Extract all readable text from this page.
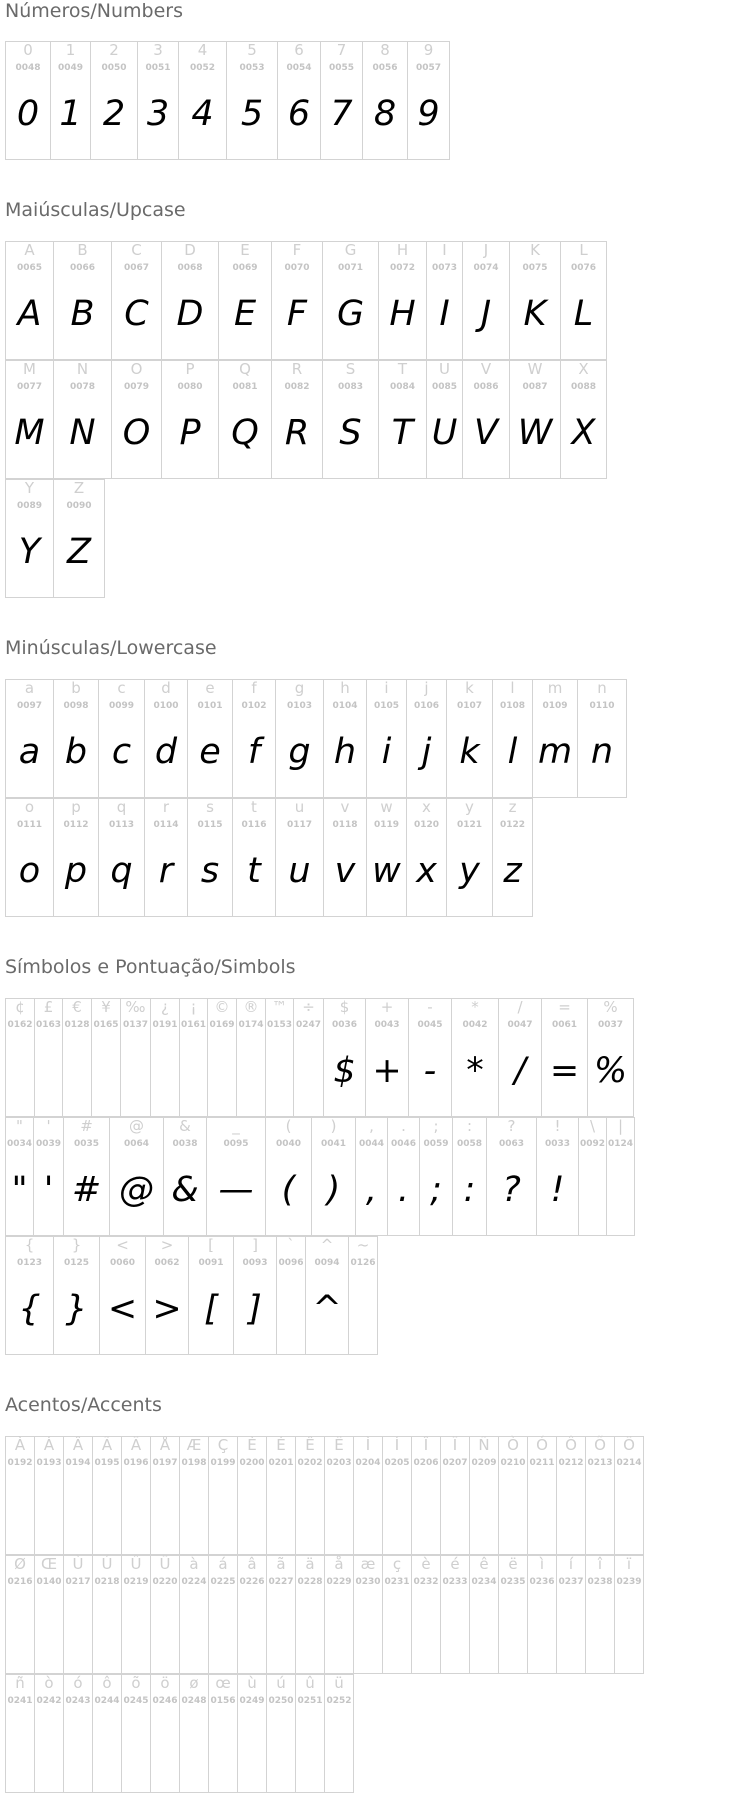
Números/Numbers
Maiúsculas/Upcase
Minúsculas/Lowercase
Símbolos e Pontuação/Simbols
Acentos/Accents
0
0048
0
1
0049
1
2
0050
2
3
0051
3
4
0052
4
5
0053
5
6
0054
6
7
0055
7
8
0056
8
9
0057
9
A
0065
A
B
0066
B
C
0067
C
D
0068
D
E
0069
E
F
0070
F
G
0071
G
H
0072
H
I
0073
I
J
0074
J
K
0075
K
L
0076
L
M
0077
M
N
0078
N
O
0079
O
P
0080
P
Q
0081
Q
R
0082
R
S
0083
S
T
0084
T
U
0085
U
V
0086
V
W
0087
W
X
0088
X
Y
0089
Y
Z
0090
Z
a
0097
a
b
0098
b
c
0099
c
d
0100
d
e
0101
e
f
0102
f
g
0103
g
h
0104
h
i
0105
i
j
0106
j
k
0107
k
l
0108
l
m
0109
m
n
0110
n
o
0111
o
p
0112
p
q
0113
q
r
0114
r
s
0115
s
t
0116
t
u
0117
u
v
0118
v
w
0119
w
x
0120
x
y
0121
y
z
0122
z
¢
0162
£
0163
€
0128
¥
0165
‰
0137
¿
0191
¡
0161
©
0169
®
0174
™
0153
÷
0247
$
0036
$
+
0043
+
-
0045
-
*
0042
*
/
0047
/
=
0061
=
%
0037
%
"
0034
"
'
0039
'
#
0035
#
@
0064
@
&
0038
&
_
0095
—
(
0040
(
)
0041
)
,
0044
,
.
0046
.
;
0059
;
:
0058
:
?
0063
?
!
0033
!
\
0092
|
0124
{
0123
{
}
0125
}
<
0060
<
>
0062
>
[
0091
[
]
0093
]
`
0096
^
0094
^
~
0126
À
0192
Á
0193
Â
0194
Ã
0195
Ä
0196
Å
0197
Æ
0198
Ç
0199
È
0200
É
0201
Ê
0202
Ë
0203
Ì
0204
Í
0205
Î
0206
Ï
0207
Ñ
0209
Ò
0210
Ó
0211
Ô
0212
Õ
0213
Ö
0214
Ø
0216
Œ
0140
Ù
0217
Ú
0218
Û
0219
Ü
0220
à
0224
á
0225
â
0226
ã
0227
ä
0228
å
0229
æ
0230
ç
0231
è
0232
é
0233
ê
0234
ë
0235
ì
0236
í
0237
î
0238
ï
0239
ñ
0241
ò
0242
ó
0243
ô
0244
õ
0245
ö
0246
ø
0248
œ
0156
ù
0249
ú
0250
û
0251
ü
0252
